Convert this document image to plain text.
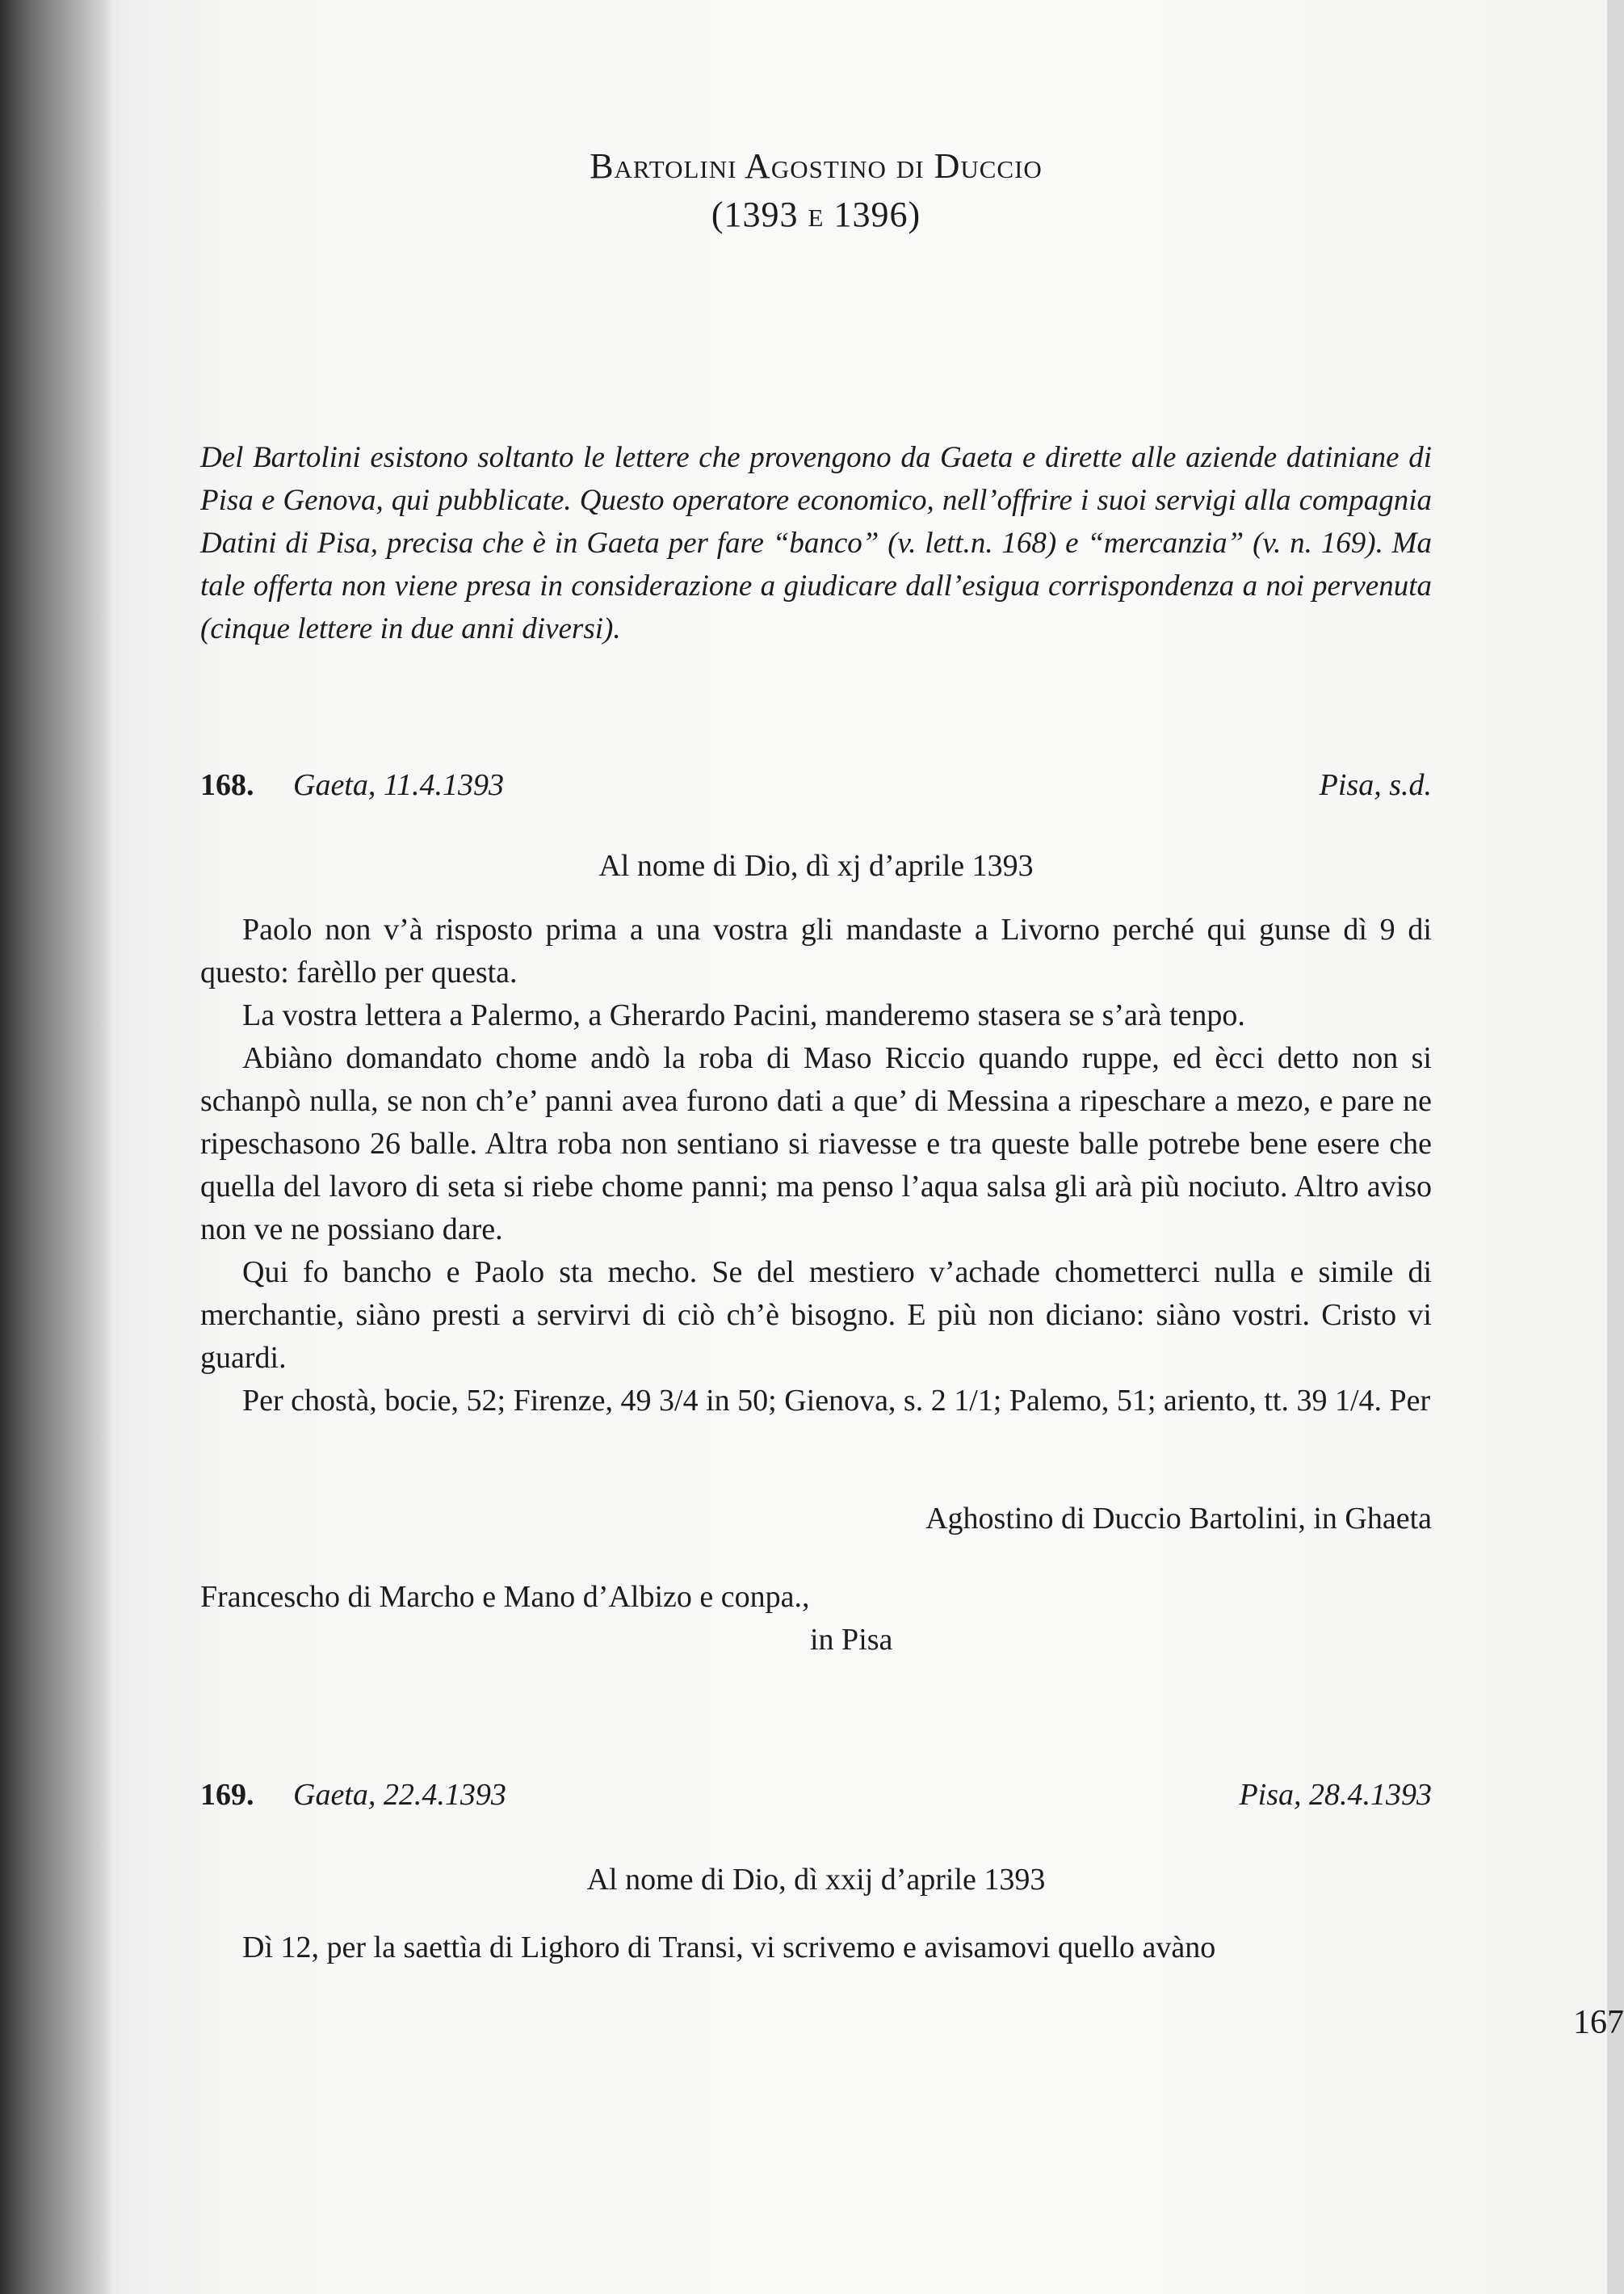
Bartolini Agostino di Duccio
(1393 e 1396)

Del Bartolini esistono soltanto le lettere che provengono da Gaeta e dirette alle aziende datiniane di Pisa e Genova, qui pubblicate. Questo operatore economico, nell’offrire i suoi servigi alla compagnia Datini di Pisa, precisa che è in Gaeta per fare “banco” (v. lett.n. 168) e “mercanzia” (v. n. 169). Ma tale offerta non viene presa in considerazione a giudicare dall’esigua corrispondenza a noi pervenuta (cinque lettere in due anni diversi).

168. Gaeta, 11.4.1393	Pisa, s.d.

Al nome di Dio, dì xj d’aprile 1393

Paolo non v’à risposto prima a una vostra gli mandaste a Livorno perché qui gunse dì 9 di questo: farèllo per questa.

La vostra lettera a Palermo, a Gherardo Pacini, manderemo stasera se s’arà tenpo.

Abiàno domandato chome andò la roba di Maso Riccio quando ruppe, ed ècci detto non si schanpò nulla, se non ch’e’ panni avea furono dati a que’ di Messina a ripeschare a mezo, e pare ne ripeschasono 26 balle. Altra roba non sentiano si riavesse e tra queste balle potrebe bene esere che quella del lavoro di seta si riebe chome panni; ma penso l’aqua salsa gli arà più nociuto. Altro aviso non ve ne possiano dare.

Qui fo bancho e Paolo sta mecho. Se del mestiero v’achade chometterci nulla e simile di merchantie, siàno presti a servirvi di ciò ch’è bisogno. E più non diciano: siàno vostri. Cristo vi guardi.

Per chostà, bocie, 52; Firenze, 49 3/4 in 50; Gienova, s. 2 1/1; Palemo, 51; ariento, tt. 39 1/4. Per

Aghostino di Duccio Bartolini, in Ghaeta
Francescho di Marcho e Mano d’Albizo e conpa.,
in Pisa
169. Gaeta, 22.4.1393	Pisa, 28.4.1393

Al nome di Dio, dì xxij d’aprile 1393

Dì 12, per la saettìa di Lighoro di Transi, vi scrivemo e avisamovi quello avàno

167
